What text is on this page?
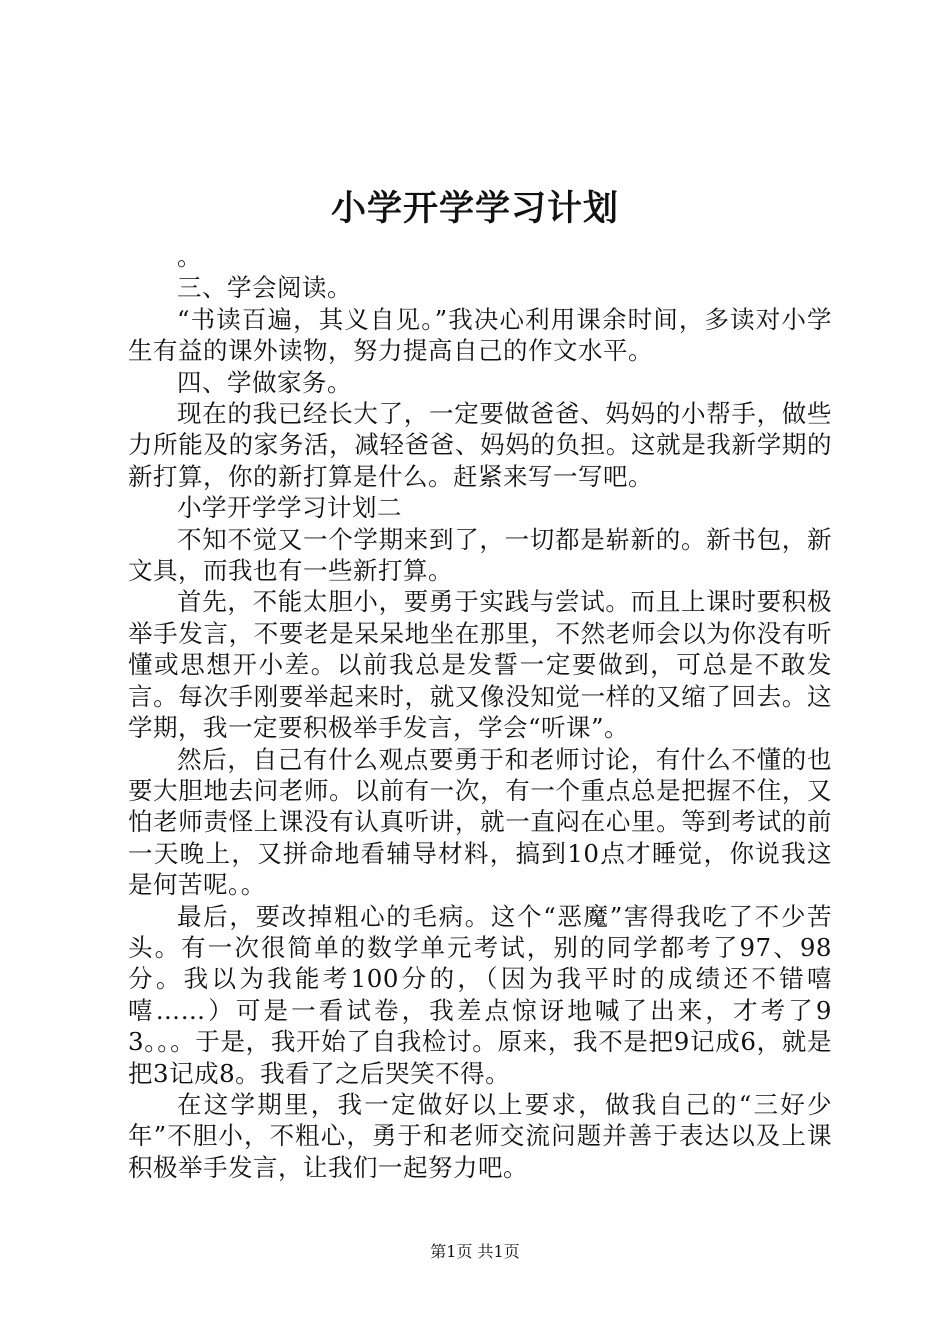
小学开学学习计划

。

三、学会阅读。

“书读百遍，其义自见。”我决心利用课余时间，多读对小学生有益的课外读物，努力提高自己的作文水平。

四、学做家务。

现在的我已经长大了，一定要做爸爸、妈妈的小帮手，做些力所能及的家务活，减轻爸爸、妈妈的负担。这就是我新学期的新打算，你的新打算是什么。赶紧来写一写吧。

小学开学学习计划二

不知不觉又一个学期来到了，一切都是崭新的。新书包，新文具，而我也有一些新打算。

首先，不能太胆小，要勇于实践与尝试。而且上课时要积极举手发言，不要老是呆呆地坐在那里，不然老师会以为你没有听懂或思想开小差。以前我总是发誓一定要做到，可总是不敢发言。每次手刚要举起来时，就又像没知觉一样的又缩了回去。这学期，我一定要积极举手发言，学会“听课”。

然后，自己有什么观点要勇于和老师讨论，有什么不懂的也要大胆地去问老师。以前有一次，有一个重点总是把握不住，又怕老师责怪上课没有认真听讲，就一直闷在心里。等到考试的前一天晚上，又拼命地看辅导材料，搞到10点才睡觉，你说我这是何苦呢。。

最后，要改掉粗心的毛病。这个“恶魔”害得我吃了不少苦头。有一次很简单的数学单元考试，别的同学都考了97、98分。我以为我能考100分的，（因为我平时的成绩还不错嘻嘻……）可是一看试卷，我差点惊讶地喊了出来，才考了93。。。于是，我开始了自我检讨。原来，我不是把9记成6，就是把3记成8。我看了之后哭笑不得。

在这学期里，我一定做好以上要求，做我自己的“三好少年”不胆小，不粗心，勇于和老师交流问题并善于表达以及上课积极举手发言，让我们一起努力吧。

第1页 共1页
